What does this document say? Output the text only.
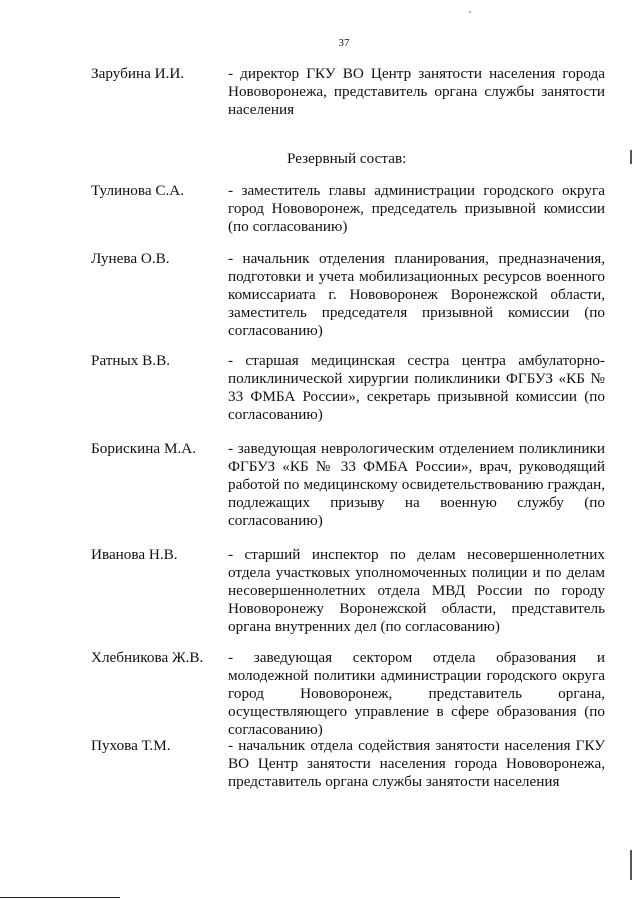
37
Зарубина И.И.	- директор ГКУ ВО Центр занятости населения города Нововоронежа, представитель органа службы занятости населения
Резервный состав:
Тулинова С.А.	- заместитель главы администрации городского округа город Нововоронеж, председатель призывной комиссии (по согласованию)
Лунева О.В.	- начальник отделения планирования, предназначения, подготовки и учета мобилизационных ресурсов военного комиссариата г. Нововоронеж Воронежской области, заместитель председателя призывной комиссии (по согласованию)
Ратных В.В.	- старшая медицинская сестра центра амбулаторно-поликлинической хирургии поликлиники ФГБУЗ «КБ № 33 ФМБА России», секретарь призывной комиссии (по согласованию)
Борискина М.А. - заведующая неврологическим отделением поликлиники ФГБУЗ «КБ № 33 ФМБА России», врач, руководящий работой по медицинскому освидетельствованию граждан, подлежащих призыву на военную службу (по согласованию)
Иванова Н.В.	- старший инспектор по делам несовершеннолетних отдела участковых уполномоченных полиции и по делам несовершеннолетних отдела МВД России по городу Нововоронежу Воронежской области, представитель органа внутренних дел (по согласованию)
Хлебникова Ж.В. - заведующая сектором отдела образования и молодежной политики администрации городского округа город Нововоронеж, представитель органа, осуществляющего управление в сфере образования (по согласованию)
Пухова Т.М.	- начальник отдела содействия занятости населения ГКУ ВО Центр занятости населения города Нововоронежа, представитель органа службы занятости населения
